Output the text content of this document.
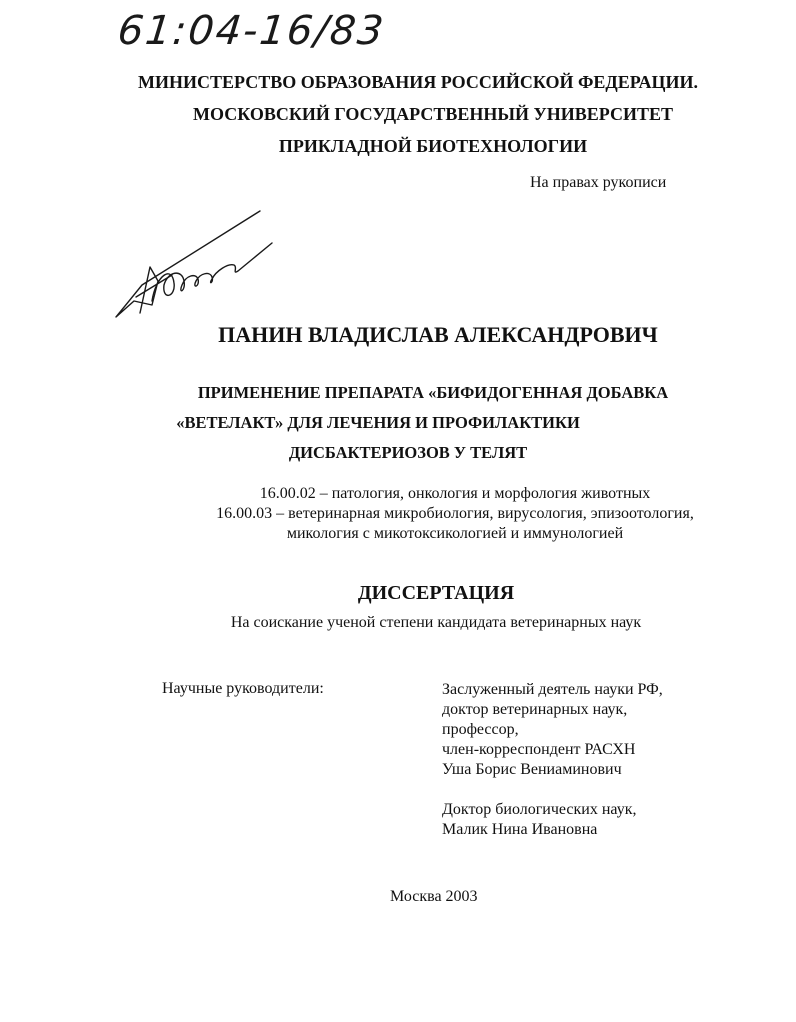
61:04-16/83
МИНИСТЕРСТВО ОБРАЗОВАНИЯ РОССИЙСКОЙ ФЕДЕРАЦИИ.
МОСКОВСКИЙ ГОСУДАРСТВЕННЫЙ УНИВЕРСИТЕТ
ПРИКЛАДНОЙ БИОТЕХНОЛОГИИ
На правах рукописи
ПАНИН ВЛАДИСЛАВ АЛЕКСАНДРОВИЧ
ПРИМЕНЕНИЕ ПРЕПАРАТА «БИФИДОГЕННАЯ ДОБАВКА
«ВЕТЕЛАКТ» ДЛЯ ЛЕЧЕНИЯ И ПРОФИЛАКТИКИ
ДИСБАКТЕРИОЗОВ У ТЕЛЯТ
16.00.02 – патология, онкология и морфология животных
16.00.03 – ветеринарная микробиология, вирусология, эпизоотология,
микология с микотоксикологией и иммунологией
ДИССЕРТАЦИЯ
На соискание ученой степени кандидата ветеринарных наук
Научные руководители:	Заслуженный деятель науки РФ,
доктор ветеринарных наук,
профессор,
член-корреспондент РАСХН
Уша Борис Вениаминович
Доктор биологических наук,
Малик Нина Ивановна
Москва 2003
